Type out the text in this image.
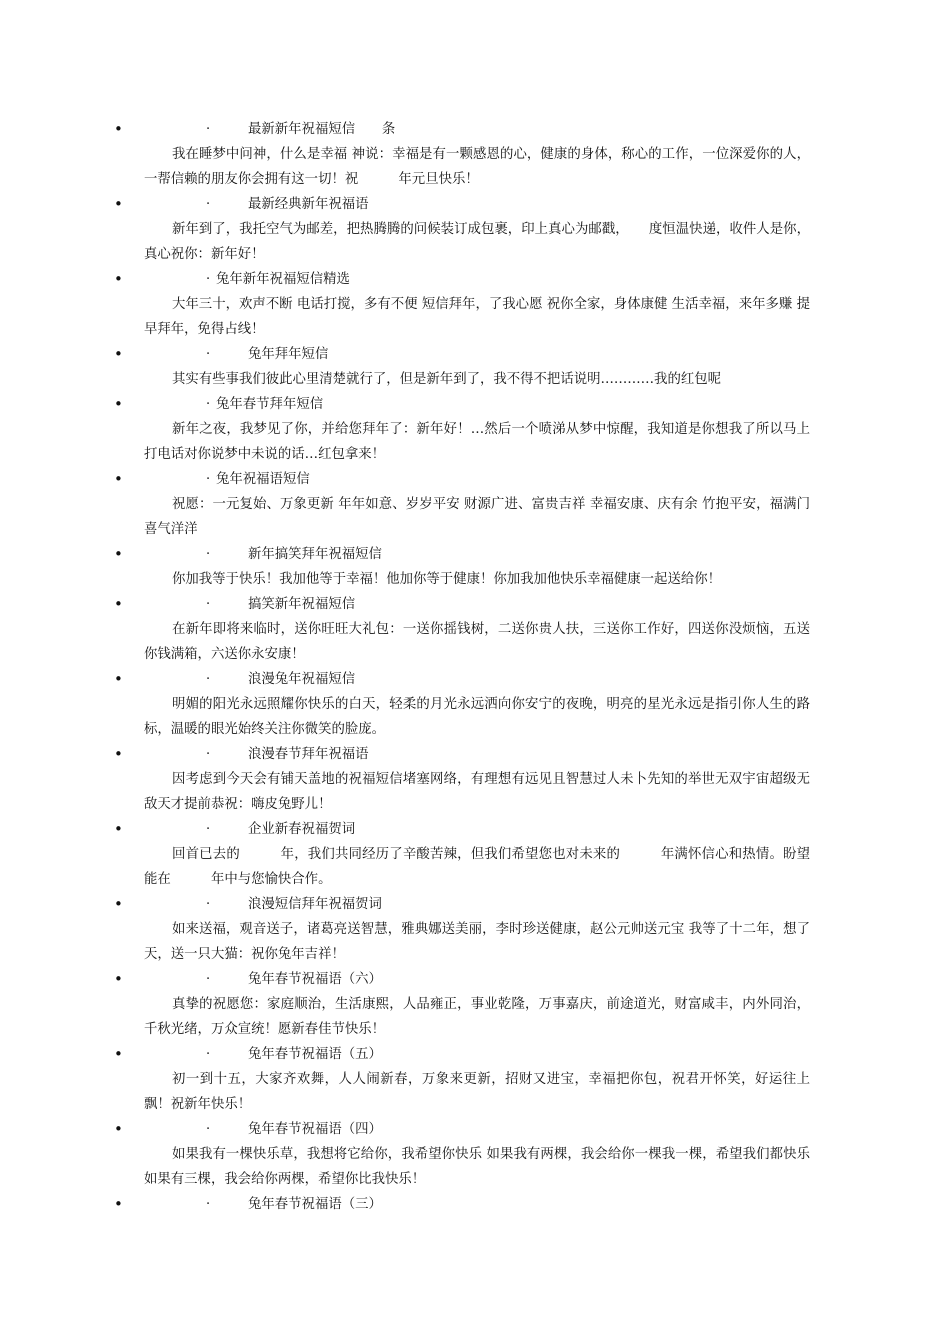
•	·	最新新年祝福短信　　条

我在睡梦中问神，什么是幸福 神说：幸福是有一颗感恩的心，健康的身体，称心的工作，一位深爱你的人，一帮信赖的朋友你会拥有这一切！祝　　　年元旦快乐！

•	·	最新经典新年祝福语

新年到了，我托空气为邮差，把热腾腾的问候装订成包裹，印上真心为邮戳，　　度恒温快递，收件人是你，真心祝你：新年好！

•	· 兔年新年祝福短信精选

大年三十，欢声不断 电话打搅，多有不便 短信拜年，了我心愿 祝你全家，身体康健 生活幸福，来年多赚 提早拜年，免得占线！

•	·	兔年拜年短信

其实有些事我们彼此心里清楚就行了，但是新年到了，我不得不把话说明…………我的红包呢

•	· 兔年春节拜年短信

新年之夜，我梦见了你，并给您拜年了：新年好！…然后一个喷涕从梦中惊醒，我知道是你想我了所以马上打电话对你说梦中未说的话…红包拿来！

•	· 兔年祝福语短信

祝愿：一元复始、万象更新 年年如意、岁岁平安 财源广进、富贵吉祥 幸福安康、庆有余 竹抱平安，福满门 喜气洋洋

•	·	新年搞笑拜年祝福短信

你加我等于快乐！我加他等于幸福！他加你等于健康！你加我加他快乐幸福健康一起送给你！

•	·	搞笑新年祝福短信

在新年即将来临时，送你旺旺大礼包：一送你摇钱树，二送你贵人扶，三送你工作好，四送你没烦恼，五送你钱满箱，六送你永安康！

•	·	浪漫兔年祝福短信

明媚的阳光永远照耀你快乐的白天，轻柔的月光永远洒向你安宁的夜晚，明亮的星光永远是指引你人生的路标，温暖的眼光始终关注你微笑的脸庞。

•	·	浪漫春节拜年祝福语

因考虑到今天会有铺天盖地的祝福短信堵塞网络，有理想有远见且智慧过人未卜先知的举世无双宇宙超级无敌天才提前恭祝：嗨皮兔野儿！

•	·	企业新春祝福贺词

回首已去的　　　年，我们共同经历了辛酸苦辣，但我们希望您也对未来的　　　年满怀信心和热情。盼望能在　　　年中与您愉快合作。

•	·	浪漫短信拜年祝福贺词

如来送福，观音送子，诸葛亮送智慧，雅典娜送美丽，李时珍送健康，赵公元帅送元宝 我等了十二年，想了　　天，送一只大猫：祝你兔年吉祥！

•	·	兔年春节祝福语（六）

真挚的祝愿您：家庭顺治，生活康熙，人品雍正，事业乾隆，万事嘉庆，前途道光，财富咸丰，内外同治，千秋光绪，万众宣统！愿新春佳节快乐！

•	·	兔年春节祝福语（五）

初一到十五，大家齐欢舞，人人闹新春，万象来更新，招财又进宝，幸福把你包，祝君开怀笑，好运往上飘！祝新年快乐！

•	·	兔年春节祝福语（四）

如果我有一棵快乐草，我想将它给你，我希望你快乐 如果我有两棵，我会给你一棵我一棵，希望我们都快乐 如果有三棵，我会给你两棵，希望你比我快乐！

•	·	兔年春节祝福语（三）
